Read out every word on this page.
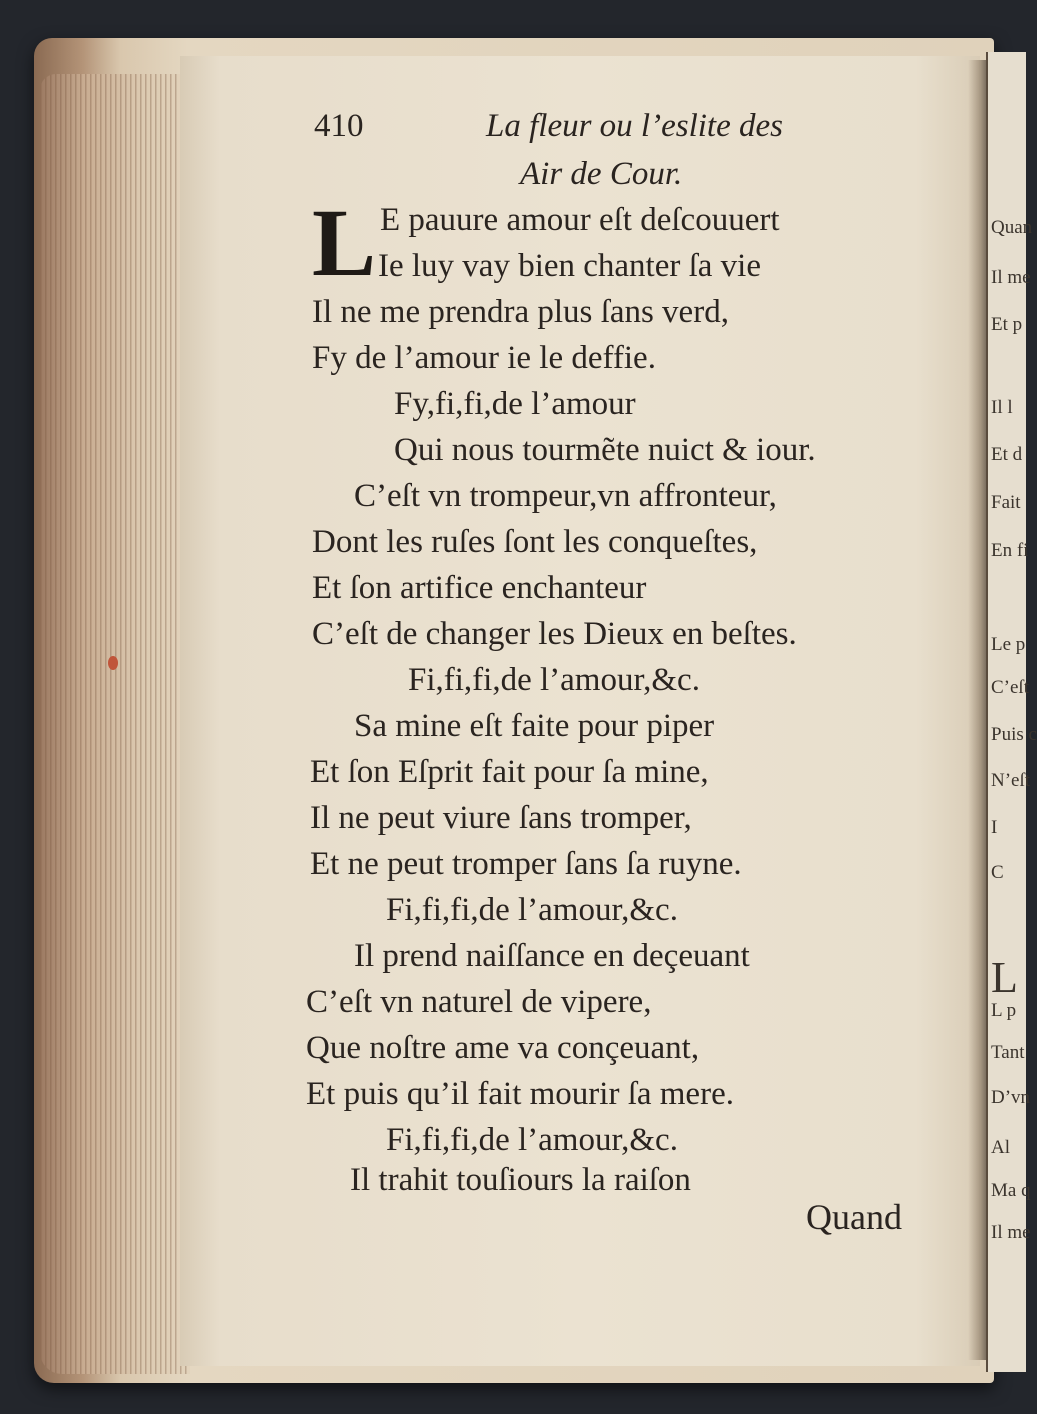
Quan
Il me
Et p
Il l
Et d
Fait
En fi
Le p
C’eſt
Puis c
N’eſt
I
C
L
L p
Tant
D’vn
Al
Ma q
Il me
410	La fleur ou l’eslite des
Air de Cour.
L E pauure amour eſt deſcouuert
Ie luy vay bien chanter ſa vie
Il ne me prendra plus ſans verd,
Fy de l’amour ie le deffie.
Fy,fi,fi,de l’amour
Qui nous tourmẽte nuict & iour.
C’eſt vn trompeur,vn affronteur,
Dont les ruſes ſont les conqueſtes,
Et ſon artifice enchanteur
C’eſt de changer les Dieux en beſtes.
Fi,fi,fi,de l’amour,&c.
Sa mine eſt faite pour piper
Et ſon Eſprit fait pour ſa mine,
Il ne peut viure ſans tromper,
Et ne peut tromper ſans ſa ruyne.
Fi,fi,fi,de l’amour,&c.
Il prend naiſſance en deçeuant
C’eſt vn naturel de vipere,
Que noſtre ame va conçeuant,
Et puis qu’il fait mourir ſa mere.
Fi,fi,fi,de l’amour,&c.
Il trahit touſiours la raiſon
Quand
